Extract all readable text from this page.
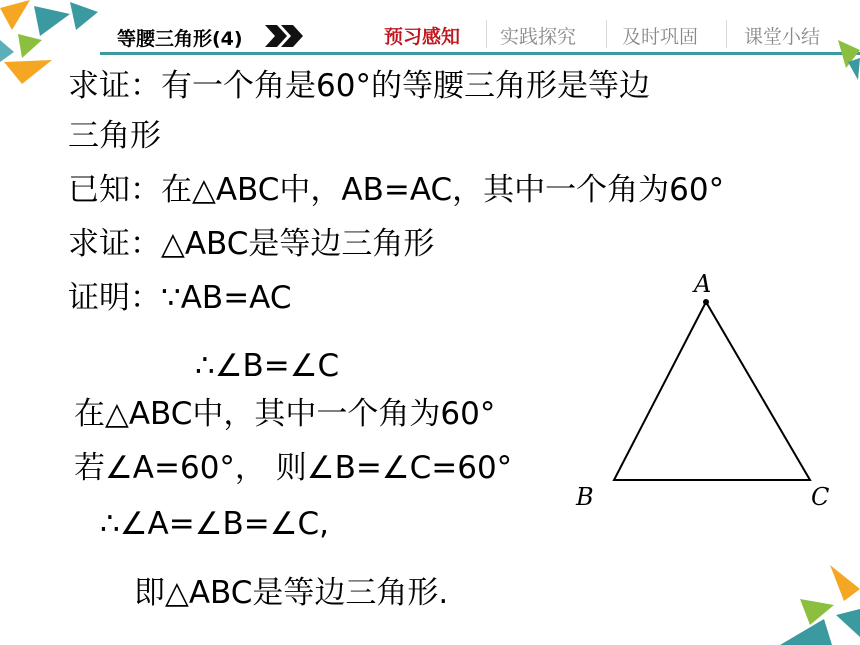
等腰三角形(4)	预习感知 实践探究 及时巩固 课堂小结
求证：有一个角是60°的等腰三角形是等边
三角形
已知：在△ABC中，AB=AC，其中一个角为60°
求证：△ABC是等边三角形
证明：∵AB=AC
∴∠B=∠C
在△ABC中，其中一个角为60°
若∠A=60°， 则∠B=∠C=60°
∴∠A=∠B=∠C,
即△ABC是等边三角形.
A
B	C
